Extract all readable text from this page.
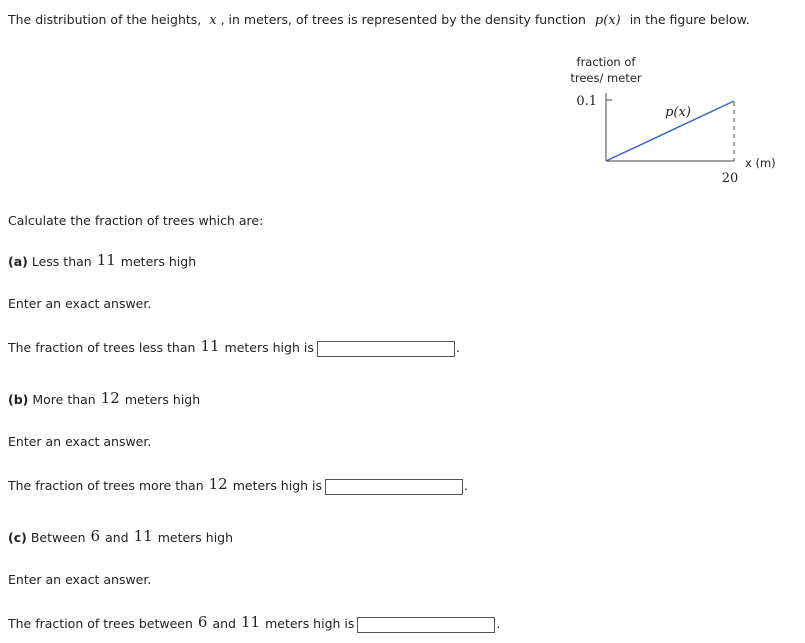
The distribution of the heights, x , in meters, of trees is represented by the density function p(x) in the figure below.
fraction of
trees/ meter
0.1
p(x)
20
x (m)
Calculate the fraction of trees which are:
(a) Less than 11 meters high
Enter an exact answer.
The fraction of trees less than 11 meters high is	.
(b) More than 12 meters high
Enter an exact answer.
The fraction of trees more than 12 meters high is	.
(c) Between 6 and 11 meters high
Enter an exact answer.
The fraction of trees between 6 and 11 meters high is	.
